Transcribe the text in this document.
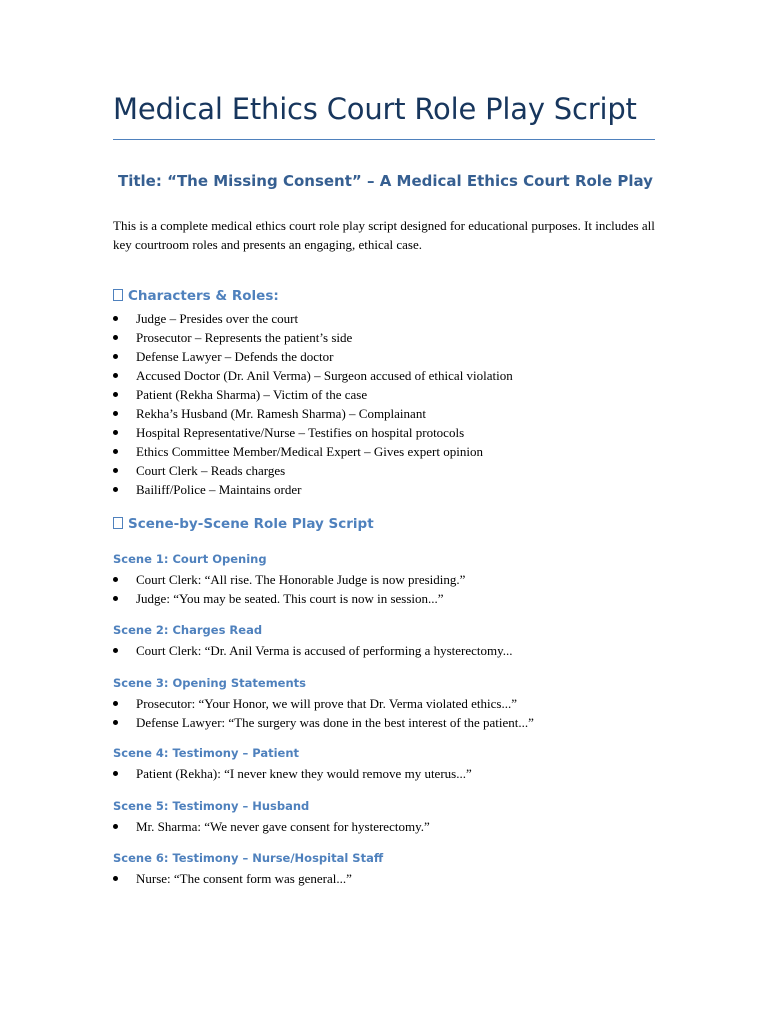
Medical Ethics Court Role Play Script
Title: “The Missing Consent” – A Medical Ethics Court Role Play

This is a complete medical ethics court role play script designed for educational purposes. It includes all key courtroom roles and presents an engaging, ethical case.

Characters & Roles:
Judge – Presides over the court
Prosecutor – Represents the patient’s side
Defense Lawyer – Defends the doctor
Accused Doctor (Dr. Anil Verma) – Surgeon accused of ethical violation
Patient (Rekha Sharma) – Victim of the case
Rekha’s Husband (Mr. Ramesh Sharma) – Complainant
Hospital Representative/Nurse – Testifies on hospital protocols
Ethics Committee Member/Medical Expert – Gives expert opinion
Court Clerk – Reads charges
Bailiff/Police – Maintains order
Scene-by-Scene Role Play Script
Scene 1: Court Opening
Court Clerk: “All rise. The Honorable Judge is now presiding.”
Judge: “You may be seated. This court is now in session...”
Scene 2: Charges Read
Court Clerk: “Dr. Anil Verma is accused of performing a hysterectomy...
Scene 3: Opening Statements
Prosecutor: “Your Honor, we will prove that Dr. Verma violated ethics...”
Defense Lawyer: “The surgery was done in the best interest of the patient...”
Scene 4: Testimony – Patient
Patient (Rekha): “I never knew they would remove my uterus...”
Scene 5: Testimony – Husband
Mr. Sharma: “We never gave consent for hysterectomy.”
Scene 6: Testimony – Nurse/Hospital Staff
Nurse: “The consent form was general...”
